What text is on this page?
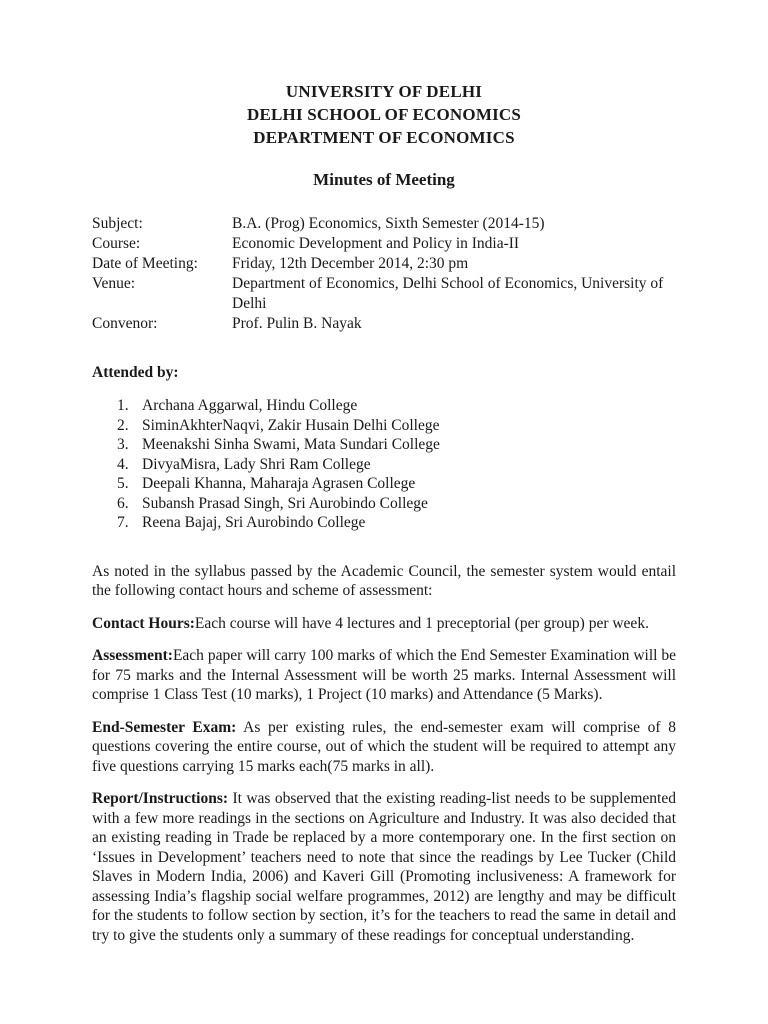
UNIVERSITY OF DELHI
DELHI SCHOOL OF ECONOMICS
DEPARTMENT OF ECONOMICS
Minutes of Meeting
Subject:	B.A. (Prog) Economics, Sixth Semester (2014-15)
Course:	Economic Development and Policy in India-II
Date of Meeting:	Friday, 12th December 2014, 2:30 pm
Venue:	Department of Economics, Delhi School of Economics, University of Delhi
Convenor:	Prof. Pulin B. Nayak
Attended by:
1. Archana Aggarwal, Hindu College
2. SiminAkhterNaqvi, Zakir Husain Delhi College
3. Meenakshi Sinha Swami, Mata Sundari College
4. DivyaMisra, Lady Shri Ram College
5. Deepali Khanna, Maharaja Agrasen College
6. Subansh Prasad Singh, Sri Aurobindo College
7. Reena Bajaj, Sri Aurobindo College

As noted in the syllabus passed by the Academic Council, the semester system would entail the following contact hours and scheme of assessment:

Contact Hours:Each course will have 4 lectures and 1 preceptorial (per group) per week.

Assessment:Each paper will carry 100 marks of which the End Semester Examination will be for 75 marks and the Internal Assessment will be worth 25 marks. Internal Assessment will comprise 1 Class Test (10 marks), 1 Project (10 marks) and Attendance (5 Marks).

End-Semester Exam: As per existing rules, the end-semester exam will comprise of 8 questions covering the entire course, out of which the student will be required to attempt any five questions carrying 15 marks each(75 marks in all).

Report/Instructions: It was observed that the existing reading-list needs to be supplemented with a few more readings in the sections on Agriculture and Industry. It was also decided that an existing reading in Trade be replaced by a more contemporary one. In the first section on ‘Issues in Development’ teachers need to note that since the readings by Lee Tucker (Child Slaves in Modern India, 2006) and Kaveri Gill (Promoting inclusiveness: A framework for assessing India’s flagship social welfare programmes, 2012) are lengthy and may be difficult for the students to follow section by section, it’s for the teachers to read the same in detail and try to give the students only a summary of these readings for conceptual understanding.
